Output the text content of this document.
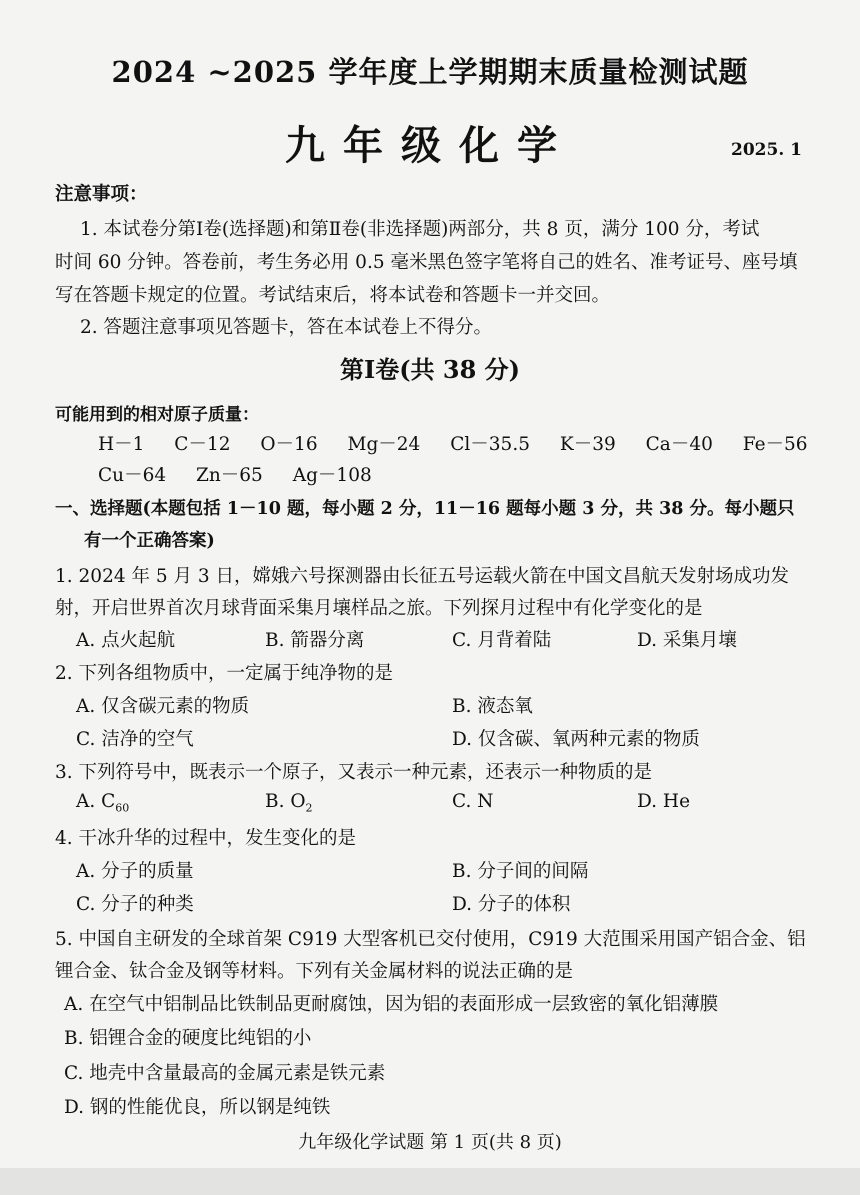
2024 ~2025 学年度上学期期末质量检测试题
九年级化学	2025. 1
注意事项：
1. 本试卷分第Ⅰ卷(选择题)和第Ⅱ卷(非选择题)两部分，共 8 页，满分 100 分，考试
时间 60 分钟。答卷前，考生务必用 0.5 毫米黑色签字笔将自己的姓名、准考证号、座号填
写在答题卡规定的位置。考试结束后，将本试卷和答题卡一并交回。
2. 答题注意事项见答题卡，答在本试卷上不得分。
第Ⅰ卷(共 38 分)
可能用到的相对原子质量：
H－1 C－12 O－16 Mg－24 Cl－35.5 K－39 Ca－40 Fe－56
Cu－64 Zn－65 Ag－108
一、选择题(本题包括 1－10 题，每小题 2 分，11－16 题每小题 3 分，共 38 分。每小题只
有一个正确答案)
1. 2024 年 5 月 3 日，嫦娥六号探测器由长征五号运载火箭在中国文昌航天发射场成功发
射，开启世界首次月球背面采集月壤样品之旅。下列探月过程中有化学变化的是
A. 点火起航	B. 箭器分离	C. 月背着陆	D. 采集月壤
2. 下列各组物质中，一定属于纯净物的是
A. 仅含碳元素的物质	B. 液态氧
C. 洁净的空气	D. 仅含碳、氧两种元素的物质
3. 下列符号中，既表示一个原子，又表示一种元素，还表示一种物质的是
A. $C_{60}$	B. $O_2$	C. N	D. He
4. 干冰升华的过程中，发生变化的是
A. 分子的质量	B. 分子间的间隔
C. 分子的种类	D. 分子的体积
5. 中国自主研发的全球首架 C919 大型客机已交付使用，C919 大范围采用国产铝合金、铝
锂合金、钛合金及钢等材料。下列有关金属材料的说法正确的是
A. 在空气中铝制品比铁制品更耐腐蚀，因为铝的表面形成一层致密的氧化铝薄膜
B. 铝锂合金的硬度比纯铝的小
C. 地壳中含量最高的金属元素是铁元素
D. 钢的性能优良，所以钢是纯铁
九年级化学试题 第 1 页(共 8 页)
